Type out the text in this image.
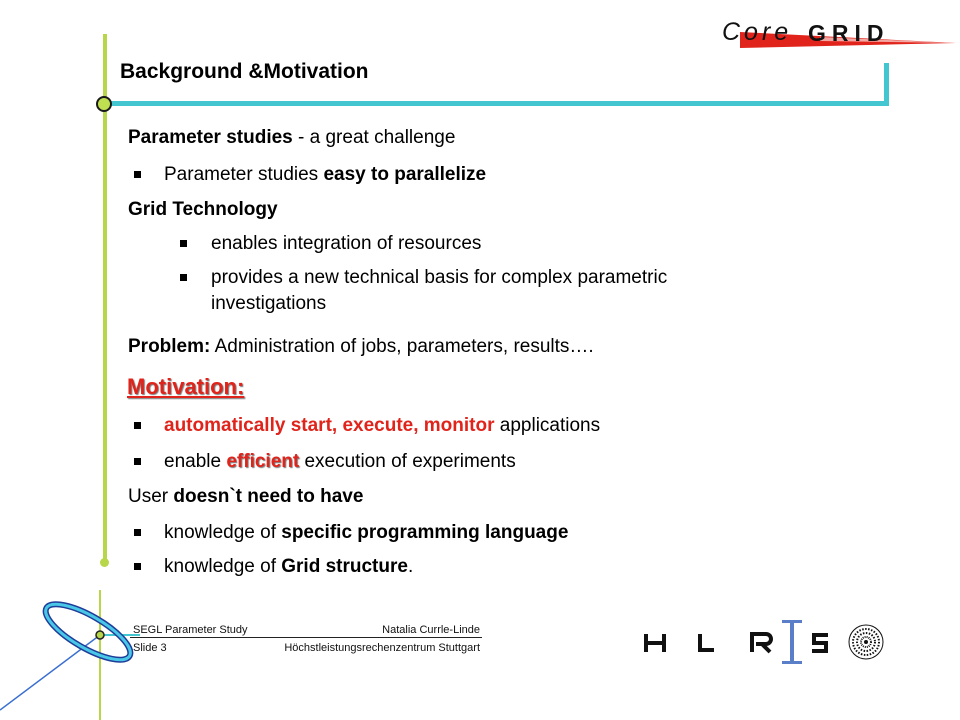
Core GRID
Background &Motivation
Parameter studies - a great challenge
Parameter studies easy to parallelize
Grid Technology
enables integration of resources
provides a new technical basis for complex parametric
investigations
Problem: Administration of jobs, parameters, results….
Motivation:
automatically start, execute, monitor applications
enable efficient execution of experiments
User doesn`t need to have
knowledge of specific programming language
knowledge of Grid structure.
SEGL Parameter Study
Slide 3
Natalia Currle-Linde
Höchstleistungsrechenzentrum Stuttgart
